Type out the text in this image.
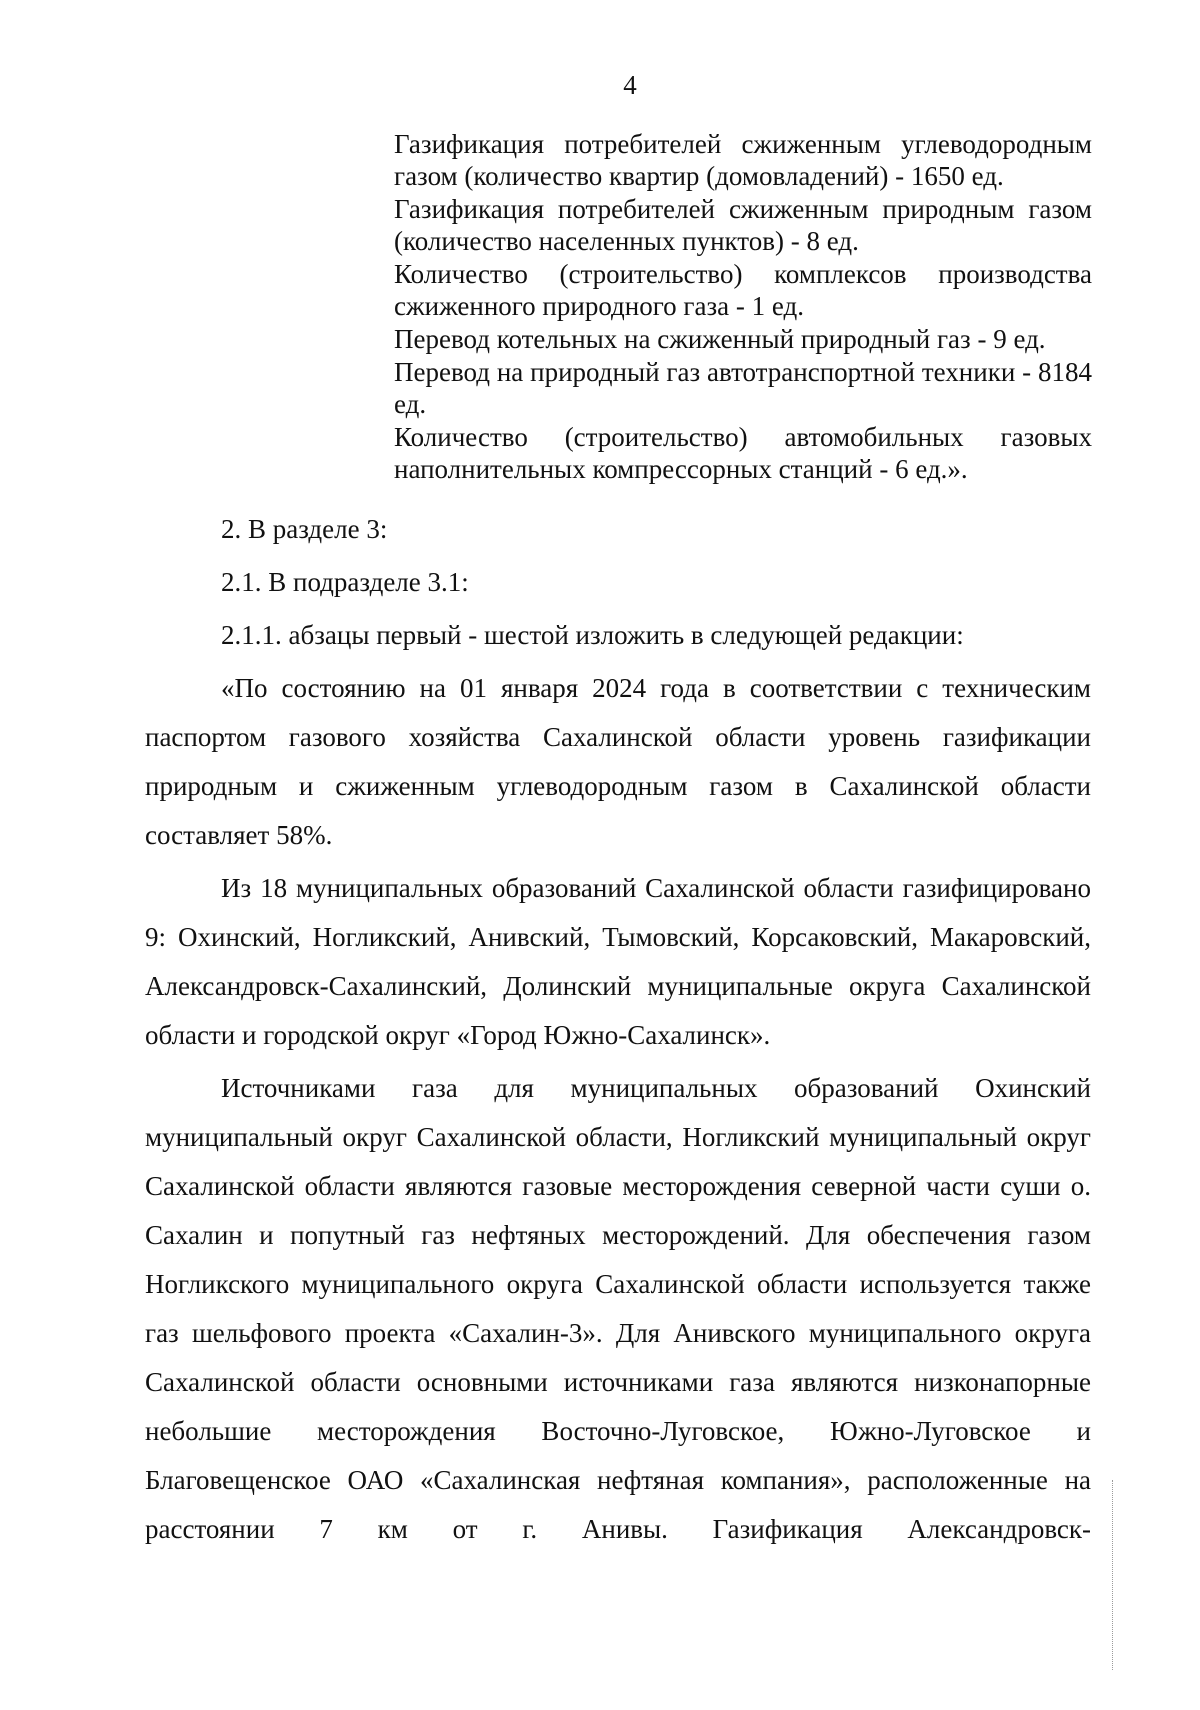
4

Газификация потребителей сжиженным углеводородным газом (количество квартир (домовладений) - 1650 ед.

Газификация потребителей сжиженным природным газом (количество населенных пунктов) - 8 ед.

Количество (строительство) комплексов производства сжиженного природного газа - 1 ед.

Перевод котельных на сжиженный природный газ - 9 ед.

Перевод на природный газ автотранспортной техники - 8184 ед.

Количество (строительство) автомобильных газовых наполнительных компрессорных станций - 6 ед.».

2. В разделе 3:

2.1. В подразделе 3.1:

2.1.1. абзацы первый - шестой изложить в следующей редакции:

«По состоянию на 01 января 2024 года в соответствии с техническим паспортом газового хозяйства Сахалинской области уровень газификации природным и сжиженным углеводородным газом в Сахалинской области составляет 58%.

Из 18 муниципальных образований Сахалинской области газифицировано 9: Охинский, Ногликский, Анивский, Тымовский, Корсаковский, Макаровский, Александровск-Сахалинский, Долинский муниципальные округа Сахалинской области и городской округ «Город Южно-Сахалинск».

Источниками газа для муниципальных образований Охинский муниципальный округ Сахалинской области, Ногликский муниципальный округ Сахалинской области являются газовые месторождения северной части суши о. Сахалин и попутный газ нефтяных месторождений. Для обеспечения газом Ногликского муниципального округа Сахалинской области используется также газ шельфового проекта «Сахалин-3». Для Анивского муниципального округа Сахалинской области основными источниками газа являются низконапорные небольшие месторождения Восточно-Луговское, Южно-Луговское и Благовещенское ОАО «Сахалинская нефтяная компания», расположенные на расстоянии 7 км от г. Анивы. Газификация Александровск-
